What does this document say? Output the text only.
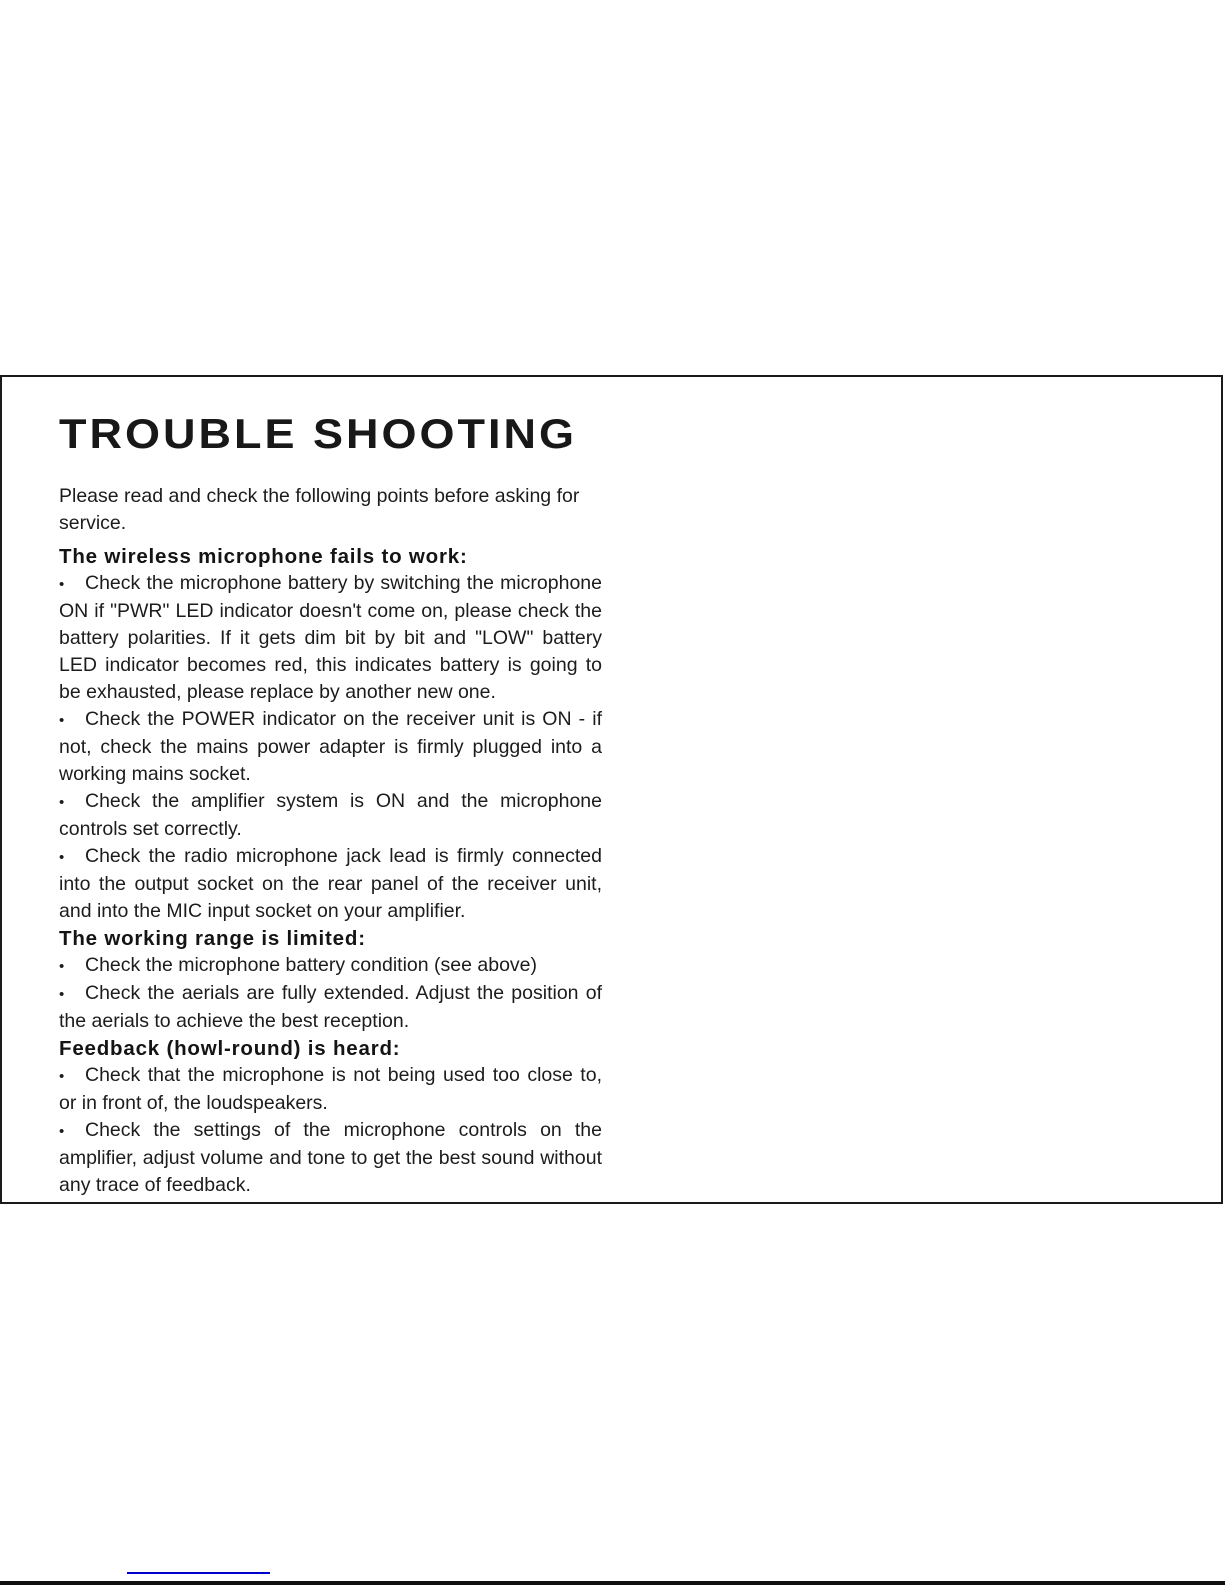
TROUBLE SHOOTING

Please read and check the following points before asking for service.

The wireless microphone fails to work:

• Check the microphone battery by switching the microphone ON if "PWR" LED indicator doesn't come on, please check the battery polarities. If it gets dim bit by bit and "LOW" battery LED indicator becomes red, this indicates battery is going to be exhausted, please replace by another new one.

• Check the POWER indicator on the receiver unit is ON - if not, check the mains power adapter is firmly plugged into a working mains socket.

• Check the amplifier system is ON and the microphone controls set correctly.

• Check the radio microphone jack lead is firmly connected into the output socket on the rear panel of the receiver unit, and into the MIC input socket on your amplifier.

The working range is limited:

• Check the microphone battery condition (see above)

• Check the aerials are fully extended. Adjust the position of the aerials to achieve the best reception.

Feedback (howl-round) is heard:

• Check that the microphone is not being used too close to, or in front of, the loudspeakers.

• Check the settings of the microphone controls on the amplifier, adjust volume and tone to get the best sound without any trace of feedback.
